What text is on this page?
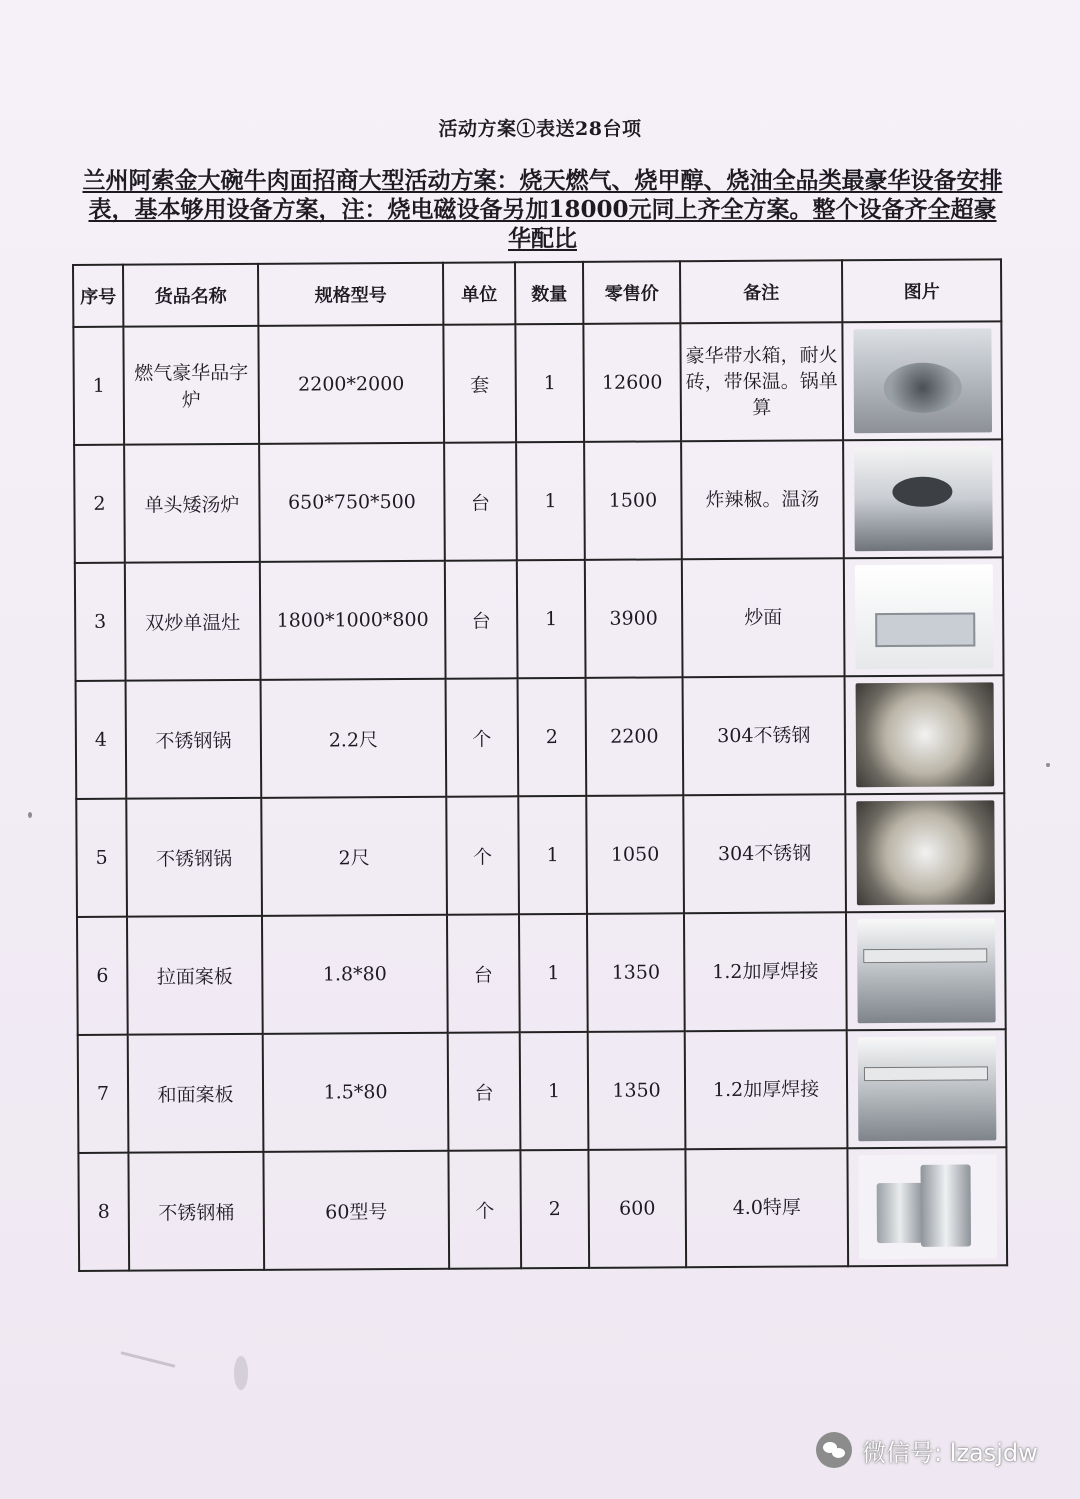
活动方案①表送28台项
兰州阿索金大碗牛肉面招商大型活动方案：烧天燃气、烧甲醇、烧油全品类最豪华设备安排表，基本够用设备方案，注：烧电磁设备另加18000元同上齐全方案。整个设备齐全超豪华配比
序号	货品名称	规格型号	单位	数量	零售价	备注	图片
1	燃气豪华品字炉	2200*2000	套	1	12600	豪华带水箱，耐火砖，带保温。锅单算	

2	单头矮汤炉	650*750*500	台	1	1500	炸辣椒。温汤	

3	双炒单温灶	1800*1000*800	台	1	3900	炒面	

4	不锈钢锅	2.2尺	个	2	2200	304不锈钢	

5	不锈钢锅	2尺	个	1	1050	304不锈钢	

6	拉面案板	1.8*80	台	1	1350	1.2加厚焊接	

7	和面案板	1.5*80	台	1	1350	1.2加厚焊接	

8	不锈钢桶	60型号	个	2	600	4.0特厚	
微信号: lzasjdw
